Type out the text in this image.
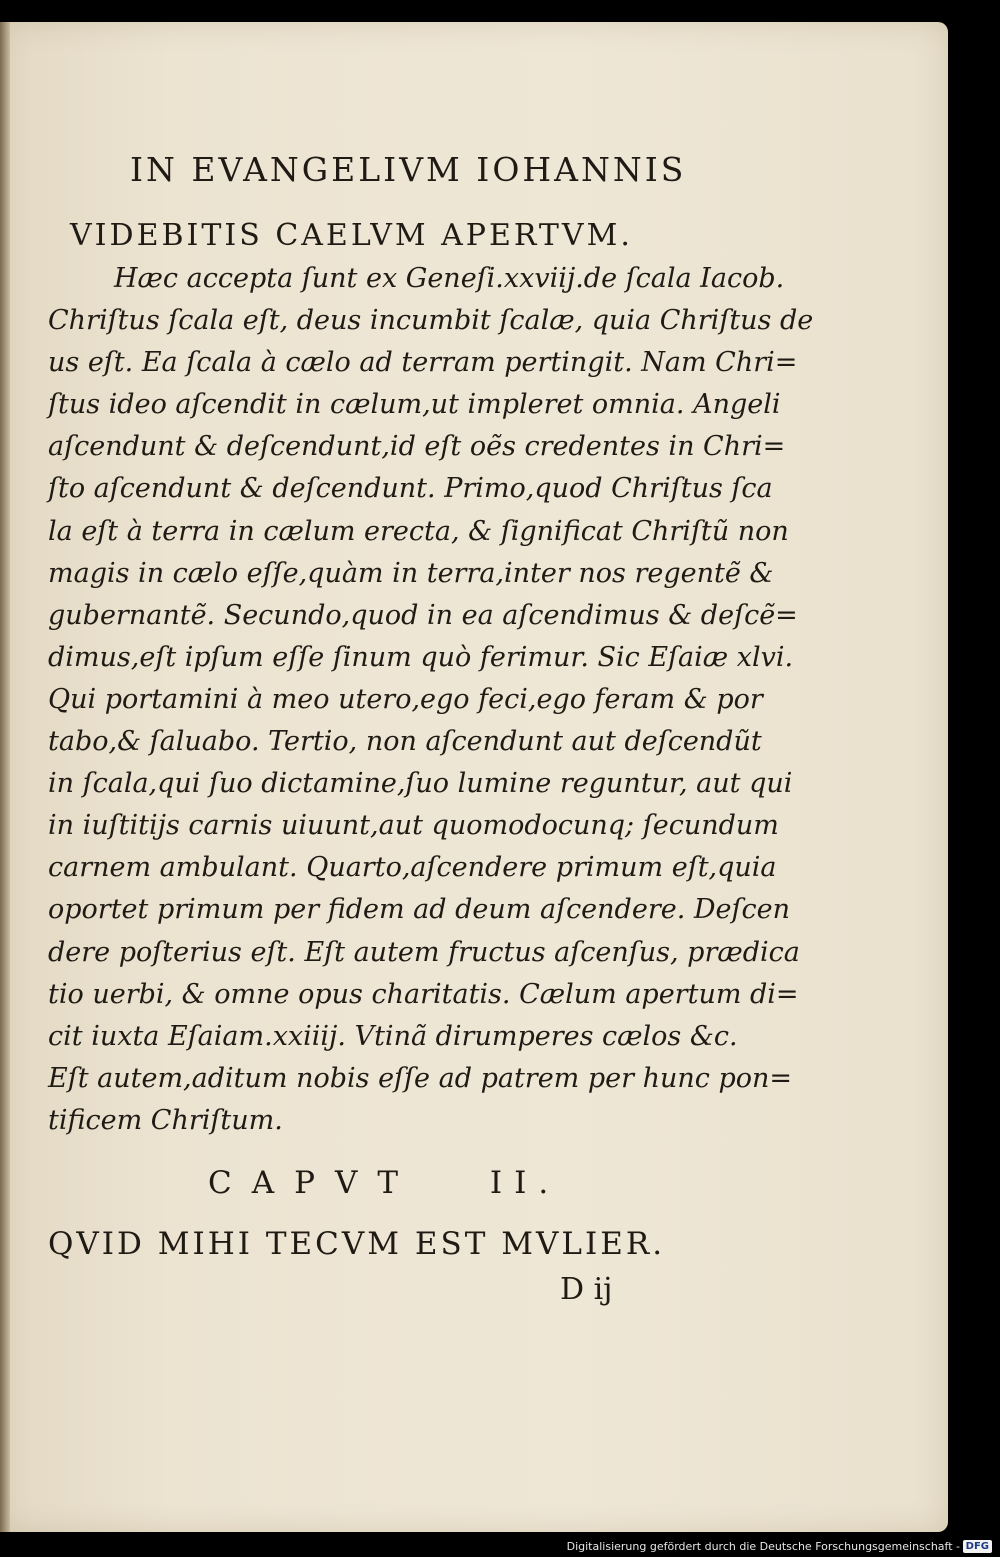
IN EVANGELIVM IOHANNIS
VIDEBITIS CAELVM APERTVM.
Hæc accepta ſunt ex Geneſi.xxviij.de ſcala Iacob.
Chriſtus ſcala eſt, deus incumbit ſcalæ, quia Chriſtus de
us eſt. Ea ſcala à cælo ad terram pertingit. Nam Chri=
ſtus ideo aſcendit in cælum,ut impleret omnia. Angeli
aſcendunt & deſcendunt,id eſt oẽs credentes in Chri=
ſto aſcendunt & deſcendunt. Primo,quod Chriſtus ſca
la eſt à terra in cælum erecta, & ſignificat Chriſtũ non
magis in cælo eſſe,quàm in terra,inter nos regentẽ &
gubernantẽ. Secundo,quod in ea aſcendimus & deſcẽ=
dimus,eſt ipſum eſſe ſinum quò ferimur. Sic Eſaiæ xlvi.
Qui portamini à meo utero,ego feci,ego feram & por
tabo,& ſaluabo. Tertio, non aſcendunt aut deſcendũt
in ſcala,qui ſuo dictamine,ſuo lumine reguntur, aut qui
in iuſtitijs carnis uiuunt,aut quomodocunq; ſecundum
carnem ambulant. Quarto,aſcendere primum eſt,quia
oportet primum per fidem ad deum aſcendere. Deſcen
dere poſterius eſt. Eſt autem fructus aſcenſus, prædica
tio uerbi, & omne opus charitatis. Cælum apertum di=
cit iuxta Eſaiam.xxiiij. Vtinã dirumperes cælos &c.
Eſt autem,aditum nobis eſſe ad patrem per hunc pon=
tificem Chriſtum.
CAPVT II.
QVID MIHI TECVM EST MVLIER.
D ij
Digitalisierung gefördert durch die Deutsche Forschungsgemeinschaft - DFG
